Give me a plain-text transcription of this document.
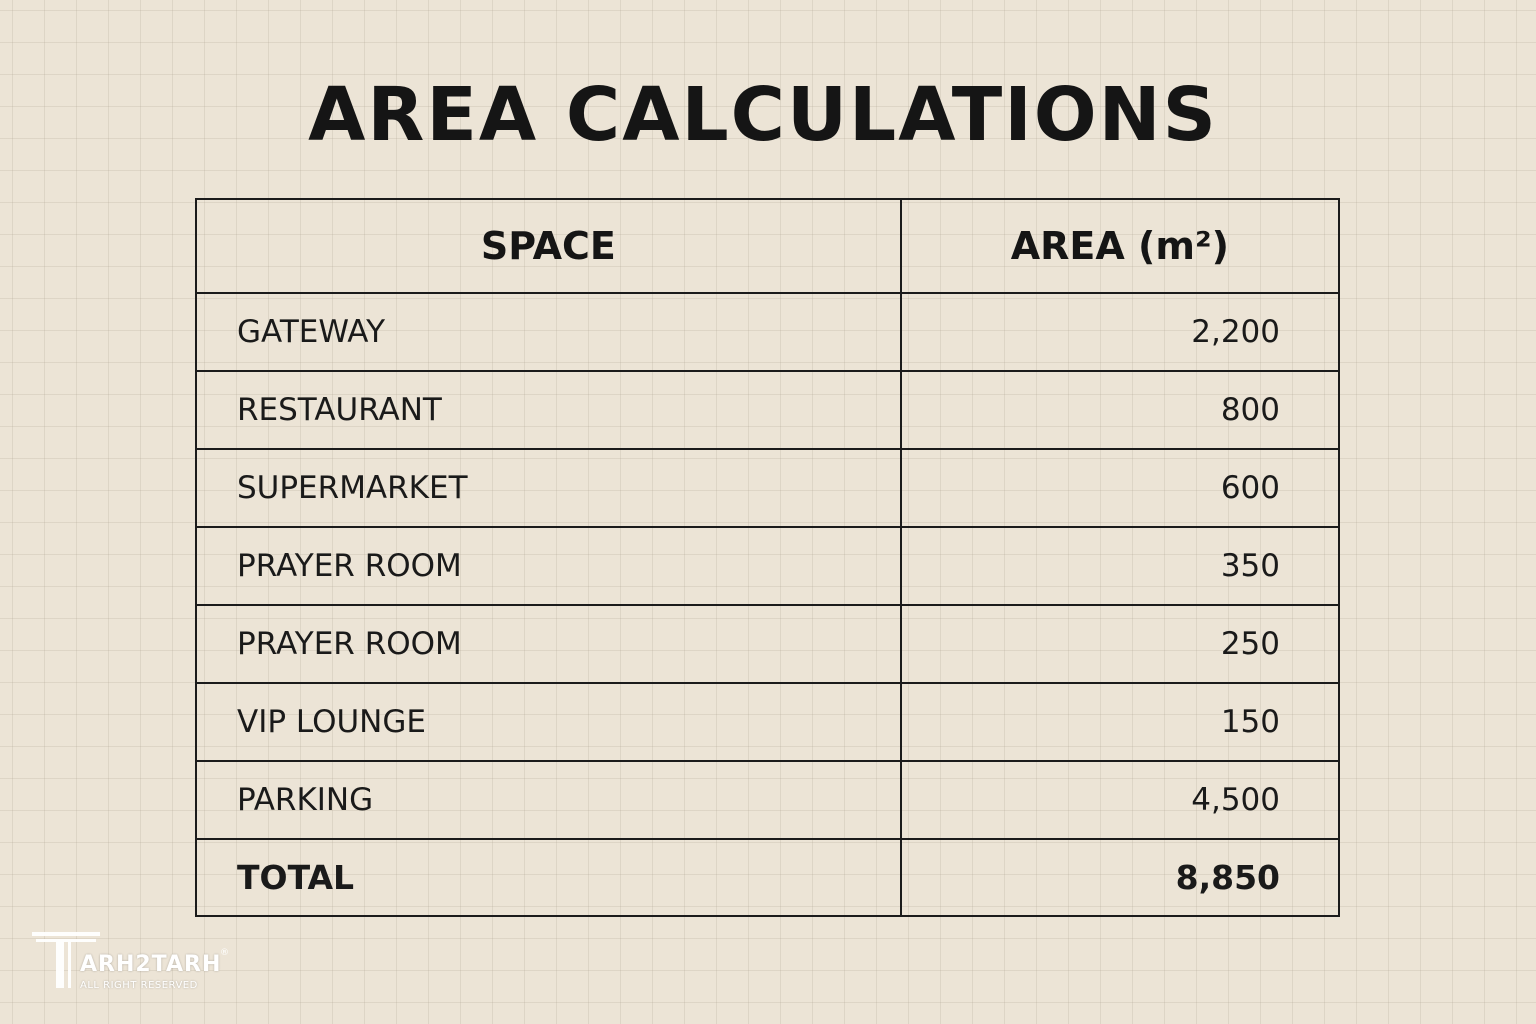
AREA CALCULATIONS
SPACE	AREA (m²)
GATEWAY	2,200
RESTAURANT	800
SUPERMARKET	600
PRAYER ROOM	350
PRAYER ROOM	250
VIP LOUNGE	150
PARKING	4,500
TOTAL	8,850
ARH2TARH
®
ALL RIGHT RESERVED
